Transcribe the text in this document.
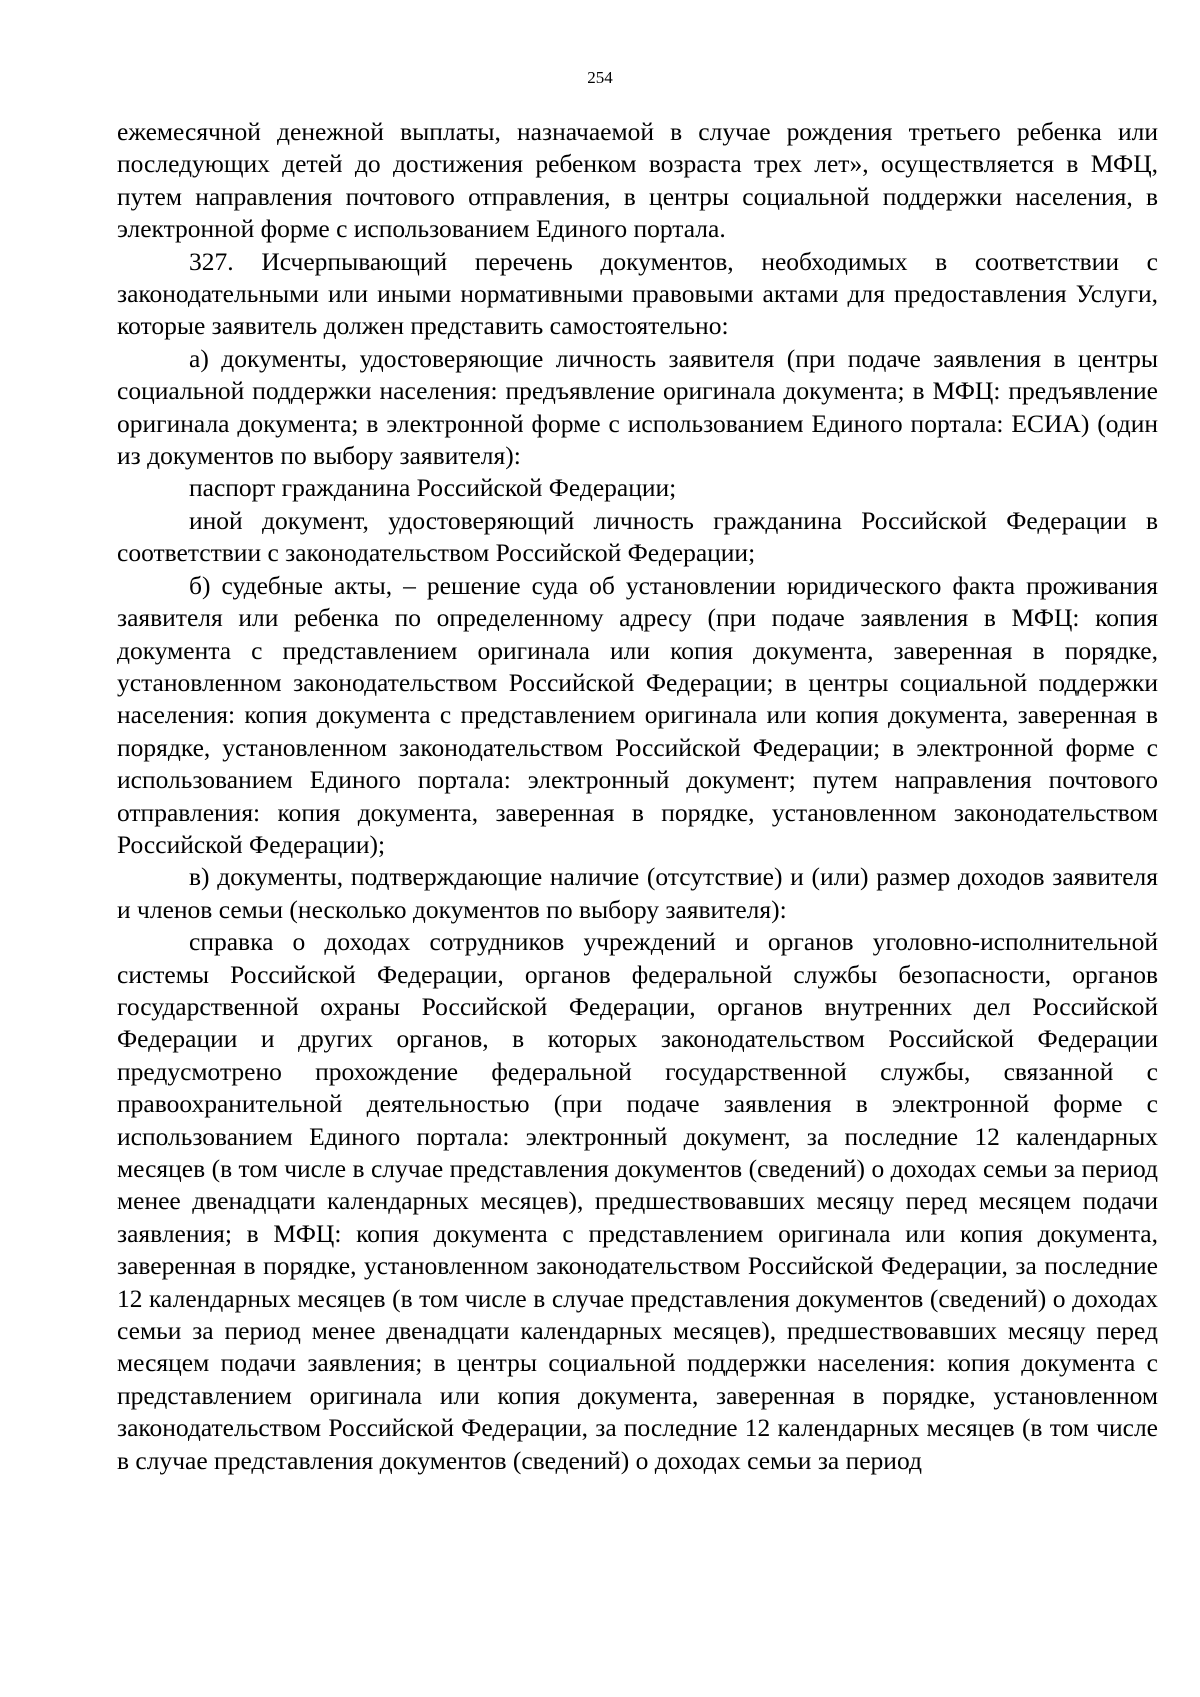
254

ежемесячной денежной выплаты, назначаемой в случае рождения третьего ребенка или последующих детей до достижения ребенком возраста трех лет», осуществляется в МФЦ, путем направления почтового отправления, в центры социальной поддержки населения, в электронной форме с использованием Единого портала.

327. Исчерпывающий перечень документов, необходимых в соответствии с законодательными или иными нормативными правовыми актами для предоставления Услуги, которые заявитель должен представить самостоятельно:

а) документы, удостоверяющие личность заявителя (при подаче заявления в центры социальной поддержки населения: предъявление оригинала документа; в МФЦ: предъявление оригинала документа; в электронной форме с использованием Единого портала: ЕСИА) (один из документов по выбору заявителя):

паспорт гражданина Российской Федерации;

иной документ, удостоверяющий личность гражданина Российской Федерации в соответствии с законодательством Российской Федерации;

б) судебные акты, – решение суда об установлении юридического факта проживания заявителя или ребенка по определенному адресу (при подаче заявления в МФЦ: копия документа с представлением оригинала или копия документа, заверенная в порядке, установленном законодательством Российской Федерации; в центры социальной поддержки населения: копия документа с представлением оригинала или копия документа, заверенная в порядке, установленном законодательством Российской Федерации; в электронной форме с использованием Единого портала: электронный документ; путем направления почтового отправления: копия документа, заверенная в порядке, установленном законодательством Российской Федерации);

в) документы, подтверждающие наличие (отсутствие) и (или) размер доходов заявителя и членов семьи (несколько документов по выбору заявителя):

справка о доходах сотрудников учреждений и органов уголовно-исполнительной системы Российской Федерации, органов федеральной службы безопасности, органов государственной охраны Российской Федерации, органов внутренних дел Российской Федерации и других органов, в которых законодательством Российской Федерации предусмотрено прохождение федеральной государственной службы, связанной с правоохранительной деятельностью (при подаче заявления в электронной форме с использованием Единого портала: электронный документ, за последние 12 календарных месяцев (в том числе в случае представления документов (сведений) о доходах семьи за период менее двенадцати календарных месяцев), предшествовавших месяцу перед месяцем подачи заявления; в МФЦ: копия документа с представлением оригинала или копия документа, заверенная в порядке, установленном законодательством Российской Федерации, за последние 12 календарных месяцев (в том числе в случае представления документов (сведений) о доходах семьи за период менее двенадцати календарных месяцев), предшествовавших месяцу перед месяцем подачи заявления; в центры социальной поддержки населения: копия документа с представлением оригинала или копия документа, заверенная в порядке, установленном законодательством Российской Федерации, за последние 12 календарных месяцев (в том числе в случае представления документов (сведений) о доходах семьи за период
